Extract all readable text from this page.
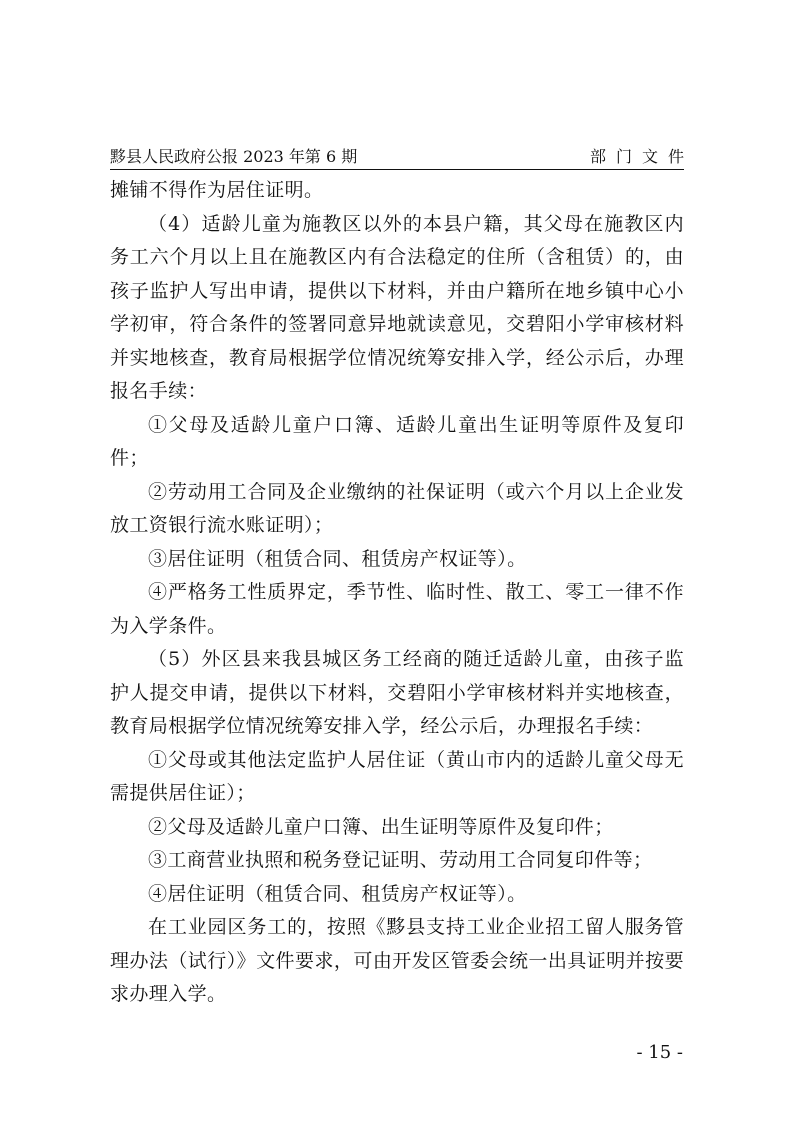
黟县人民政府公报 2023 年第 6 期	部门文件

摊铺不得作为居住证明。

（4）适龄儿童为施教区以外的本县户籍，其父母在施教区内务工六个月以上且在施教区内有合法稳定的住所（含租赁）的，由孩子监护人写出申请，提供以下材料，并由户籍所在地乡镇中心小学初审，符合条件的签署同意异地就读意见，交碧阳小学审核材料并实地核查，教育局根据学位情况统筹安排入学，经公示后，办理报名手续：

①父母及适龄儿童户口簿、适龄儿童出生证明等原件及复印件；

②劳动用工合同及企业缴纳的社保证明（或六个月以上企业发放工资银行流水账证明）；

③居住证明（租赁合同、租赁房产权证等）。

④严格务工性质界定，季节性、临时性、散工、零工一律不作为入学条件。

（5）外区县来我县城区务工经商的随迁适龄儿童，由孩子监护人提交申请，提供以下材料，交碧阳小学审核材料并实地核查，教育局根据学位情况统筹安排入学，经公示后，办理报名手续：

①父母或其他法定监护人居住证（黄山市内的适龄儿童父母无需提供居住证）；

②父母及适龄儿童户口簿、出生证明等原件及复印件；

③工商营业执照和税务登记证明、劳动用工合同复印件等；

④居住证明（租赁合同、租赁房产权证等）。

在工业园区务工的，按照《黟县支持工业企业招工留人服务管理办法（试行）》文件要求，可由开发区管委会统一出具证明并按要求办理入学。

- 15 -
